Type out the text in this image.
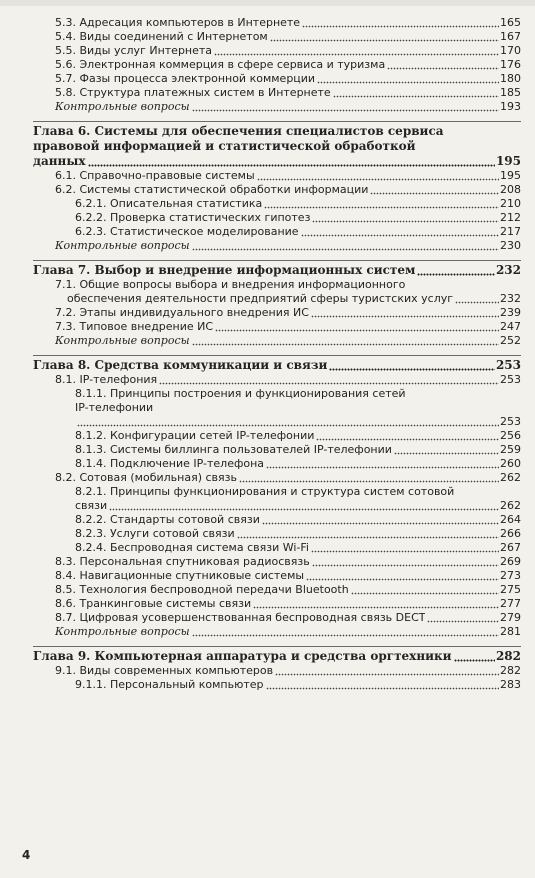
5.3. Адресация компьютеров в Интернете	165
5.4. Виды соединений с Интернетом	167
5.5. Виды услуг Интернета	170
5.6. Электронная коммерция в сфере сервиса и туризма	176
5.7. Фазы процесса электронной коммерции	180
5.8. Структура платежных систем в Интернете	185
Контрольные вопросы	193
Глава 6. Системы для обеспечения специалистов сервиса
правовой информацией и статистической обработкой
данных	195
6.1. Справочно-правовые системы	195
6.2. Системы статистической обработки информации	208
6.2.1. Описательная статистика	210
6.2.2. Проверка статистических гипотез	212
6.2.3. Статистическое моделирование	217
Контрольные вопросы	230
Глава 7. Выбор и внедрение информационных систем	232
7.1. Общие вопросы выбора и внедрения информационного
обеспечения деятельности предприятий сферы туристских услуг	232
7.2. Этапы индивидуального внедрения ИС	239
7.3. Типовое внедрение ИС	247
Контрольные вопросы	252
Глава 8. Средства коммуникации и связи	253
8.1. IP-телефония	253
8.1.1. Принципы построения и функционирования сетей
IP-телефонии
253
8.1.2. Конфигурации сетей IP-телефонии	256
8.1.3. Системы биллинга пользователей IP-телефонии	259
8.1.4. Подключение IP-телефона	260
8.2. Сотовая (мобильная) связь	262
8.2.1. Принципы функционирования и структура систем сотовой
связи	262
8.2.2. Стандарты сотовой связи	264
8.2.3. Услуги сотовой связи	266
8.2.4. Беспроводная система связи Wi-Fi	267
8.3. Персональная спутниковая радиосвязь	269
8.4. Навигационные спутниковые системы	273
8.5. Технология беспроводной передачи Bluetooth	275
8.6. Транкинговые системы связи	277
8.7. Цифровая усовершенствованная беспроводная связь DECT	279
Контрольные вопросы	281
Глава 9. Компьютерная аппаратура и средства оргтехники	282
9.1. Виды современных компьютеров	282
9.1.1. Персональный компьютер	283
4
